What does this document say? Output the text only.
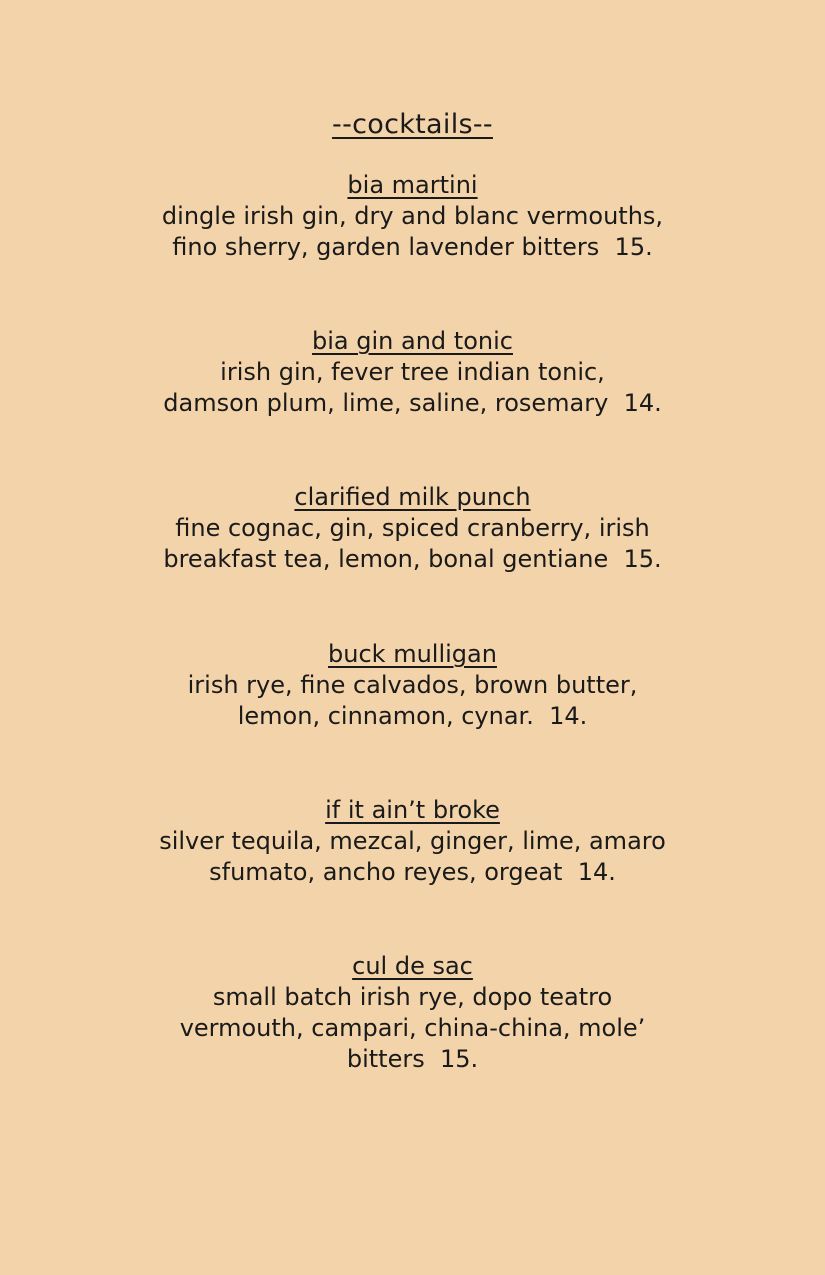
--cocktails--
bia martini
dingle irish gin, dry and blanc vermouths,
fino sherry, garden lavender bitters  15.
bia gin and tonic
irish gin, fever tree indian tonic,
damson plum, lime, saline, rosemary  14.
clarified milk punch
fine cognac, gin, spiced cranberry, irish
breakfast tea, lemon, bonal gentiane  15.
buck mulligan
irish rye, fine calvados, brown butter,
lemon, cinnamon, cynar.  14.
if it ain’t broke
silver tequila, mezcal, ginger, lime, amaro
sfumato, ancho reyes, orgeat  14.
cul de sac
small batch irish rye, dopo teatro
vermouth, campari, china-china, mole’
bitters  15.
